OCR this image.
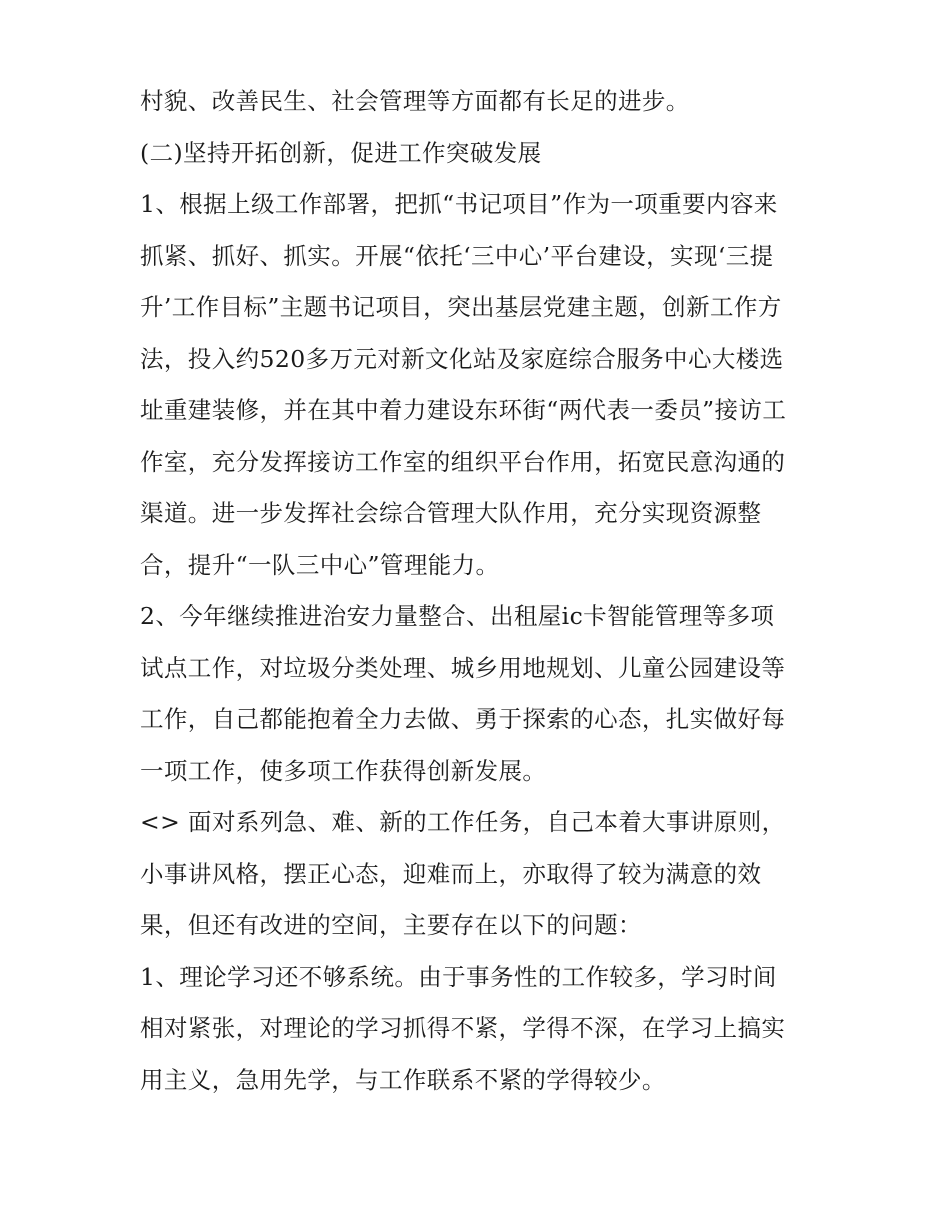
村貌、改善民生、社会管理等方面都有长足的进步。
(二)坚持开拓创新，促进工作突破发展
1、根据上级工作部署，把抓“书记项目”作为一项重要内容来
抓紧、抓好、抓实。开展“依托‘三中心’平台建设，实现‘三提
升’工作目标”主题书记项目，突出基层党建主题，创新工作方
法，投入约520多万元对新文化站及家庭综合服务中心大楼选
址重建装修，并在其中着力建设东环街“两代表一委员”接访工
作室，充分发挥接访工作室的组织平台作用，拓宽民意沟通的
渠道。进一步发挥社会综合管理大队作用，充分实现资源整
合，提升“一队三中心”管理能力。
2、今年继续推进治安力量整合、出租屋ic卡智能管理等多项
试点工作，对垃圾分类处理、城乡用地规划、儿童公园建设等
工作，自己都能抱着全力去做、勇于探索的心态，扎实做好每
一项工作，使多项工作获得创新发展。
<> 面对系列急、难、新的工作任务，自己本着大事讲原则，
小事讲风格，摆正心态，迎难而上，亦取得了较为满意的效
果，但还有改进的空间，主要存在以下的问题：
1、理论学习还不够系统。由于事务性的工作较多，学习时间
相对紧张，对理论的学习抓得不紧，学得不深，在学习上搞实
用主义，急用先学，与工作联系不紧的学得较少。
